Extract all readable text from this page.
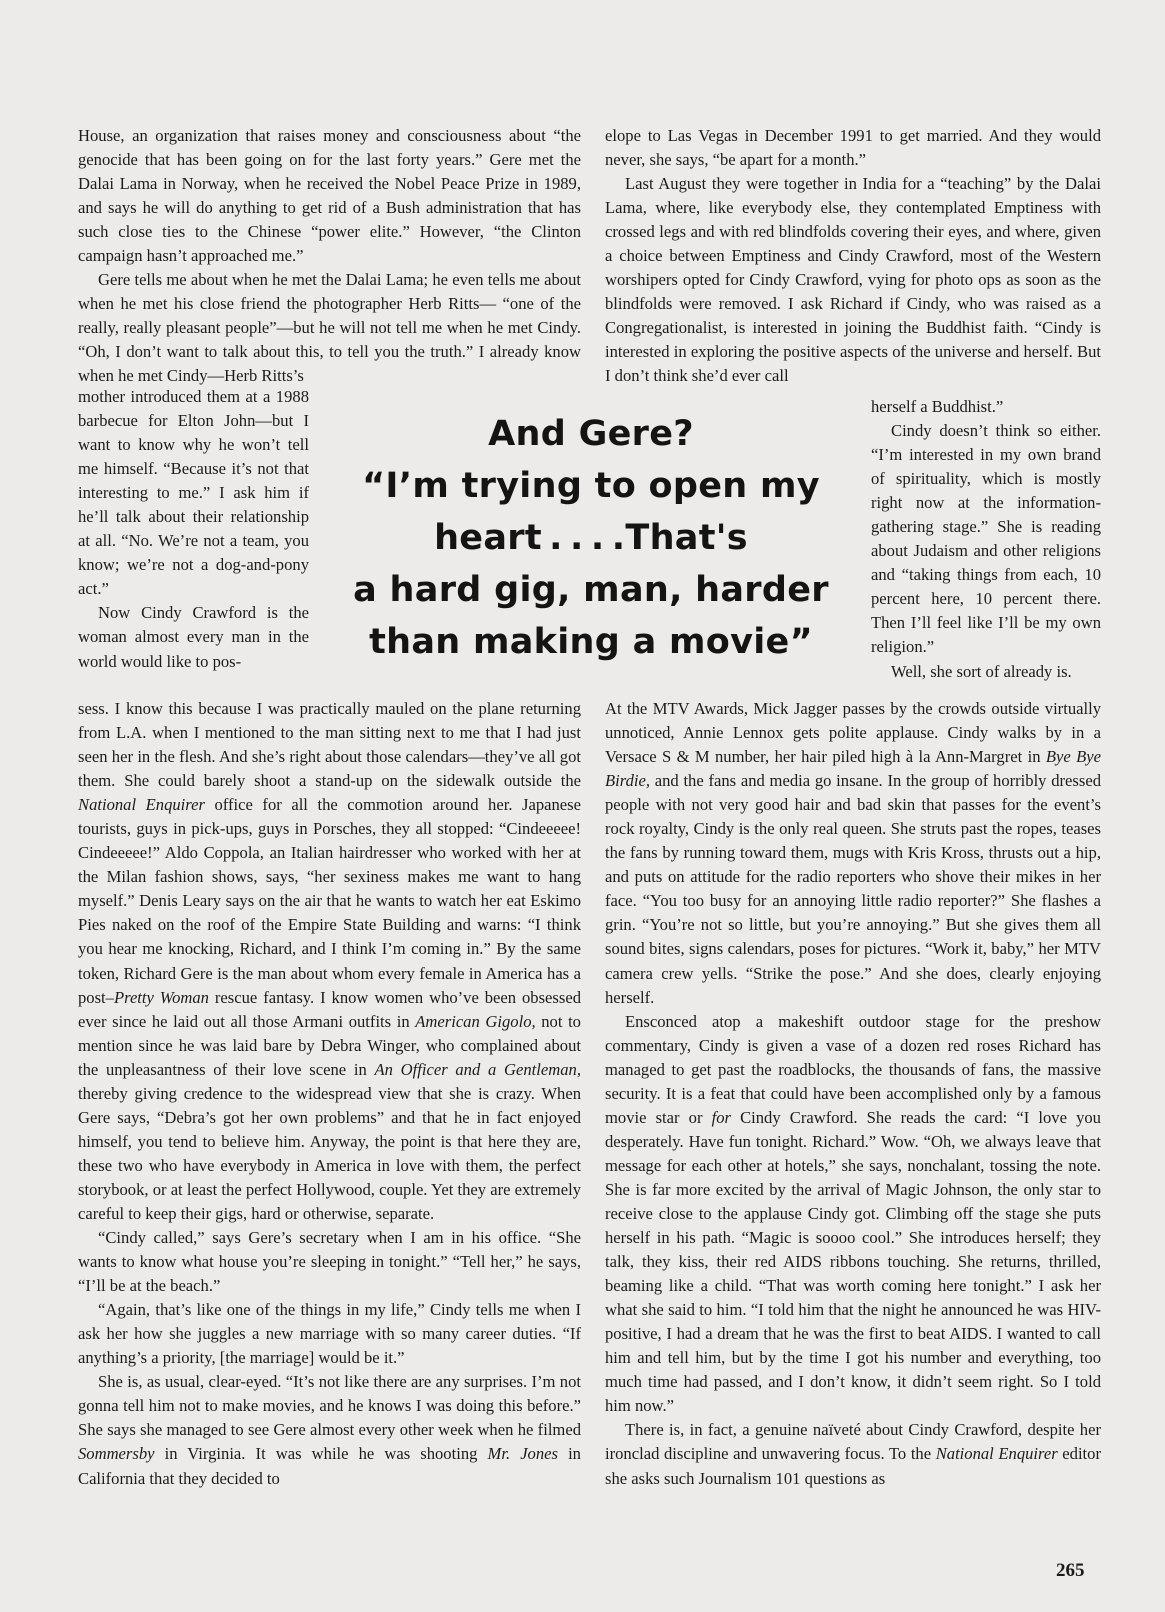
House, an organization that raises money and consciousness about “the genocide that has been going on for the last forty years.” Gere met the Dalai Lama in Norway, when he received the Nobel Peace Prize in 1989, and says he will do anything to get rid of a Bush administration that has such close ties to the Chinese “power elite.” However, “the Clinton campaign hasn’t approached me.”

Gere tells me about when he met the Dalai Lama; he even tells me about when he met his close friend the photographer Herb Ritts— “one of the really, really pleasant people”—but he will not tell me when he met Cindy. “Oh, I don’t want to talk about this, to tell you the truth.” I already know when he met Cindy—Herb Ritts’s

mother introduced them at a 1988 barbecue for Elton John—but I want to know why he won’t tell me himself. “Because it’s not that interesting to me.” I ask him if he’ll talk about their relationship at all. “No. We’re not a team, you know; we’re not a dog-and-pony act.”

Now Cindy Crawford is the woman almost every man in the world would like to pos-

sess. I know this because I was practically mauled on the plane returning from L.A. when I mentioned to the man sitting next to me that I had just seen her in the flesh. And she’s right about those calendars—they’ve all got them. She could barely shoot a stand-up on the sidewalk outside the National Enquirer office for all the commotion around her. Japanese tourists, guys in pick-ups, guys in Porsches, they all stopped: “Cindeeeee! Cindeeeee!” Aldo Coppola, an Italian hairdresser who worked with her at the Milan fashion shows, says, “her sexiness makes me want to hang myself.” Denis Leary says on the air that he wants to watch her eat Eskimo Pies naked on the roof of the Empire State Building and warns: “I think you hear me knocking, Richard, and I think I’m coming in.” By the same token, Richard Gere is the man about whom every female in America has a post–Pretty Woman rescue fantasy. I know women who’ve been obsessed ever since he laid out all those Armani outfits in American Gigolo, not to mention since he was laid bare by Debra Winger, who complained about the unpleasantness of their love scene in An Officer and a Gentleman, thereby giving credence to the widespread view that she is crazy. When Gere says, “Debra’s got her own problems” and that he in fact enjoyed himself, you tend to believe him. Anyway, the point is that here they are, these two who have everybody in America in love with them, the perfect storybook, or at least the perfect Hollywood, couple. Yet they are extremely careful to keep their gigs, hard or otherwise, separate.

“Cindy called,” says Gere’s secretary when I am in his office. “She wants to know what house you’re sleeping in tonight.” “Tell her,” he says, “I’ll be at the beach.”

“Again, that’s like one of the things in my life,” Cindy tells me when I ask her how she juggles a new marriage with so many career duties. “If anything’s a priority, [the marriage] would be it.”

She is, as usual, clear-eyed. “It’s not like there are any surprises. I’m not gonna tell him not to make movies, and he knows I was doing this before.” She says she managed to see Gere almost every other week when he filmed Sommersby in Virginia. It was while he was shooting Mr. Jones in California that they decided to

And Gere?
“I’m trying to open my
heart . . . .That's
a hard gig, man, harder
than making a movie”

elope to Las Vegas in December 1991 to get married. And they would never, she says, “be apart for a month.”

Last August they were together in India for a “teaching” by the Dalai Lama, where, like everybody else, they contemplated Emptiness with crossed legs and with red blindfolds covering their eyes, and where, given a choice between Emptiness and Cindy Crawford, most of the Western worshipers opted for Cindy Crawford, vying for photo ops as soon as the blindfolds were removed. I ask Richard if Cindy, who was raised as a Congregationalist, is interested in joining the Buddhist faith. “Cindy is interested in exploring the positive aspects of the universe and herself. But I don’t think she’d ever call

herself a Buddhist.”

Cindy doesn’t think so either. “I’m interested in my own brand of spirituality, which is mostly right now at the information-gathering stage.” She is reading about Judaism and other religions and “taking things from each, 10 percent here, 10 percent there. Then I’ll feel like I’ll be my own religion.”

Well, she sort of already is.

At the MTV Awards, Mick Jagger passes by the crowds outside virtually unnoticed, Annie Lennox gets polite applause. Cindy walks by in a Versace S & M number, her hair piled high à la Ann-Margret in Bye Bye Birdie, and the fans and media go insane. In the group of horribly dressed people with not very good hair and bad skin that passes for the event’s rock royalty, Cindy is the only real queen. She struts past the ropes, teases the fans by running toward them, mugs with Kris Kross, thrusts out a hip, and puts on attitude for the radio reporters who shove their mikes in her face. “You too busy for an annoying little radio reporter?” She flashes a grin. “You’re not so little, but you’re annoying.” But she gives them all sound bites, signs calendars, poses for pictures. “Work it, baby,” her MTV camera crew yells. “Strike the pose.” And she does, clearly enjoying herself.

Ensconced atop a makeshift outdoor stage for the preshow commentary, Cindy is given a vase of a dozen red roses Richard has managed to get past the roadblocks, the thousands of fans, the massive security. It is a feat that could have been accomplished only by a famous movie star or for Cindy Crawford. She reads the card: “I love you desperately. Have fun tonight. Richard.” Wow. “Oh, we always leave that message for each other at hotels,” she says, nonchalant, tossing the note. She is far more excited by the arrival of Magic Johnson, the only star to receive close to the applause Cindy got. Climbing off the stage she puts herself in his path. “Magic is soooo cool.” She introduces herself; they talk, they kiss, their red AIDS ribbons touching. She returns, thrilled, beaming like a child. “That was worth coming here tonight.” I ask her what she said to him. “I told him that the night he announced he was HIV-positive, I had a dream that he was the first to beat AIDS. I wanted to call him and tell him, but by the time I got his number and everything, too much time had passed, and I don’t know, it didn’t seem right. So I told him now.”

There is, in fact, a genuine naïveté about Cindy Crawford, despite her ironclad discipline and unwavering focus. To the National Enquirer editor she asks such Journalism 101 questions as

265
